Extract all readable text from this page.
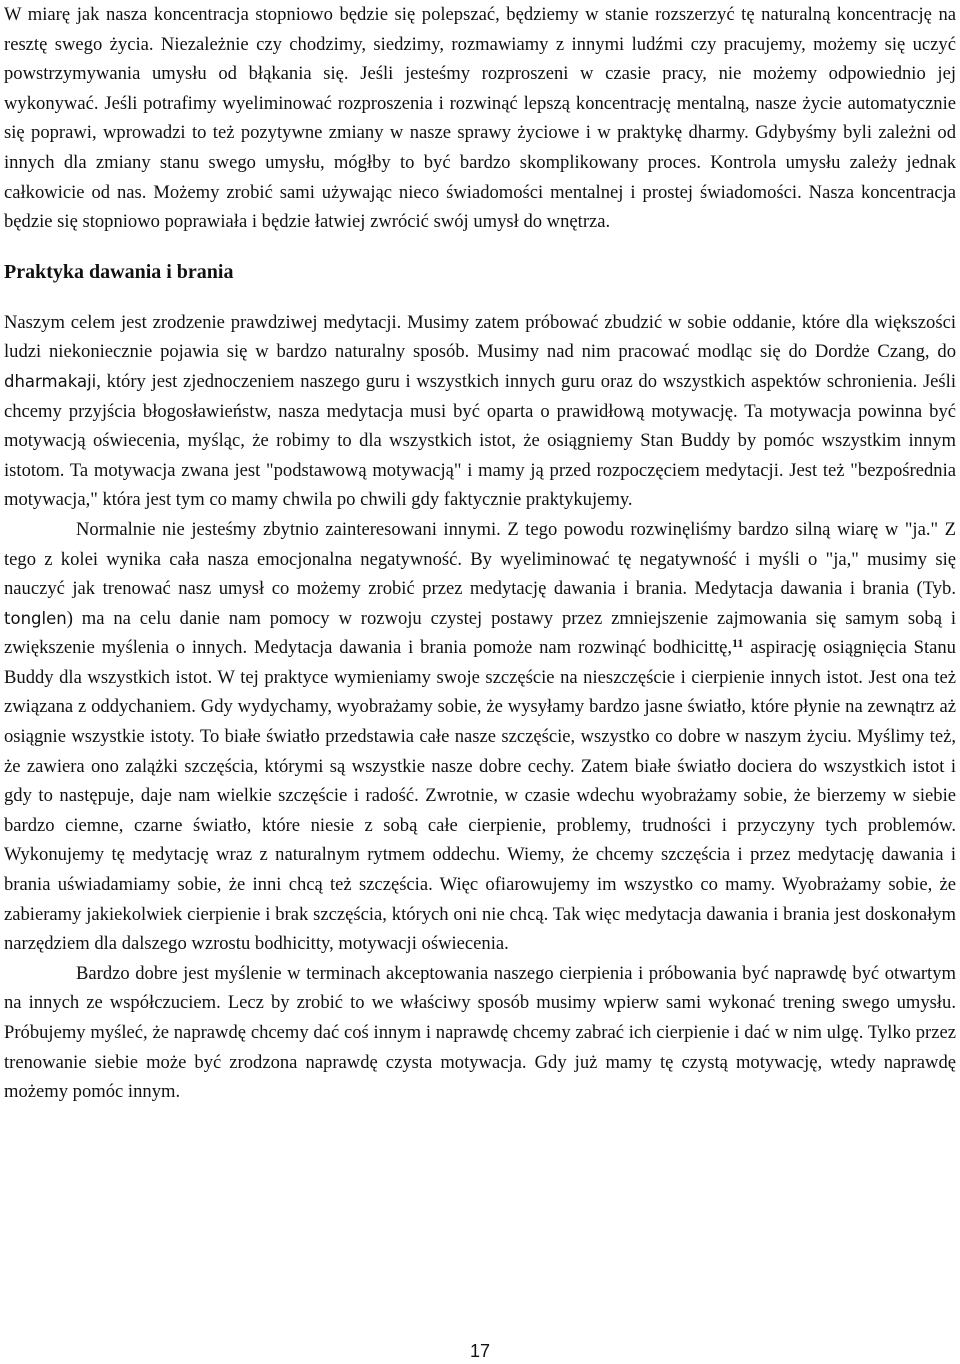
W miarę jak nasza koncentracja stopniowo będzie się polepszać, będziemy w stanie rozszerzyć tę naturalną koncentrację na resztę swego życia. Niezależnie czy chodzimy, siedzimy, rozmawiamy z innymi ludźmi czy pracujemy, możemy się uczyć powstrzymywania umysłu od błąkania się. Jeśli jesteśmy rozproszeni w czasie pracy, nie możemy odpowiednio jej wykonywać. Jeśli potrafimy wyeliminować rozproszenia i rozwinąć lepszą koncentrację mentalną, nasze życie automatycznie się poprawi, wprowadzi to też pozytywne zmiany w nasze sprawy życiowe i w praktykę dharmy. Gdybyśmy byli zależni od innych dla zmiany stanu swego umysłu, mógłby to być bardzo skomplikowany proces. Kontrola umysłu zależy jednak całkowicie od nas. Możemy zrobić sami używając nieco świadomości mentalnej i prostej świadomości. Nasza koncentracja będzie się stopniowo poprawiała i będzie łatwiej zwrócić swój umysł do wnętrza.

Praktyka dawania i brania

Naszym celem jest zrodzenie prawdziwej medytacji. Musimy zatem próbować zbudzić w sobie oddanie, które dla większości ludzi niekoniecznie pojawia się w bardzo naturalny sposób. Musimy nad nim pracować modląc się do Dordże Czang, do dharmakaji, który jest zjednoczeniem naszego guru i wszystkich innych guru oraz do wszystkich aspektów schronienia. Jeśli chcemy przyjścia błogosławieństw, nasza medytacja musi być oparta o prawidłową motywację. Ta motywacja powinna być motywacją oświecenia, myśląc, że robimy to dla wszystkich istot, że osiągniemy Stan Buddy by pomóc wszystkim innym istotom. Ta motywacja zwana jest "podstawową motywacją" i mamy ją przed rozpoczęciem medytacji. Jest też "bezpośrednia motywacja," która jest tym co mamy chwila po chwili gdy faktycznie praktykujemy.

Normalnie nie jesteśmy zbytnio zainteresowani innymi. Z tego powodu rozwinęliśmy bardzo silną wiarę w "ja." Z tego z kolei wynika cała nasza emocjonalna negatywność. By wyeliminować tę negatywność i myśli o "ja," musimy się nauczyć jak trenować nasz umysł co możemy zrobić przez medytację dawania i brania. Medytacja dawania i brania (Tyb. tonglen) ma na celu danie nam pomocy w rozwoju czystej postawy przez zmniejszenie zajmowania się samym sobą i zwiększenie myślenia o innych. Medytacja dawania i brania pomoże nam rozwinąć bodhicittę,$^{11}$ aspirację osiągnięcia Stanu Buddy dla wszystkich istot. W tej praktyce wymieniamy swoje szczęście na nieszczęście i cierpienie innych istot. Jest ona też związana z oddychaniem. Gdy wydychamy, wyobrażamy sobie, że wysyłamy bardzo jasne światło, które płynie na zewnątrz aż osiągnie wszystkie istoty. To białe światło przedstawia całe nasze szczęście, wszystko co dobre w naszym życiu. Myślimy też, że zawiera ono zalążki szczęścia, którymi są wszystkie nasze dobre cechy. Zatem białe światło dociera do wszystkich istot i gdy to następuje, daje nam wielkie szczęście i radość. Zwrotnie, w czasie wdechu wyobrażamy sobie, że bierzemy w siebie bardzo ciemne, czarne światło, które niesie z sobą całe cierpienie, problemy, trudności i przyczyny tych problemów. Wykonujemy tę medytację wraz z naturalnym rytmem oddechu. Wiemy, że chcemy szczęścia i przez medytację dawania i brania uświadamiamy sobie, że inni chcą też szczęścia. Więc ofiarowujemy im wszystko co mamy. Wyobrażamy sobie, że zabieramy jakiekolwiek cierpienie i brak szczęścia, których oni nie chcą. Tak więc medytacja dawania i brania jest doskonałym narzędziem dla dalszego wzrostu bodhicitty, motywacji oświecenia.

Bardzo dobre jest myślenie w terminach akceptowania naszego cierpienia i próbowania być naprawdę być otwartym na innych ze współczuciem. Lecz by zrobić to we właściwy sposób musimy wpierw sami wykonać trening swego umysłu. Próbujemy myśleć, że naprawdę chcemy dać coś innym i naprawdę chcemy zabrać ich cierpienie i dać w nim ulgę. Tylko przez trenowanie siebie może być zrodzona naprawdę czysta motywacja. Gdy już mamy tę czystą motywację, wtedy naprawdę możemy pomóc innym.

17
